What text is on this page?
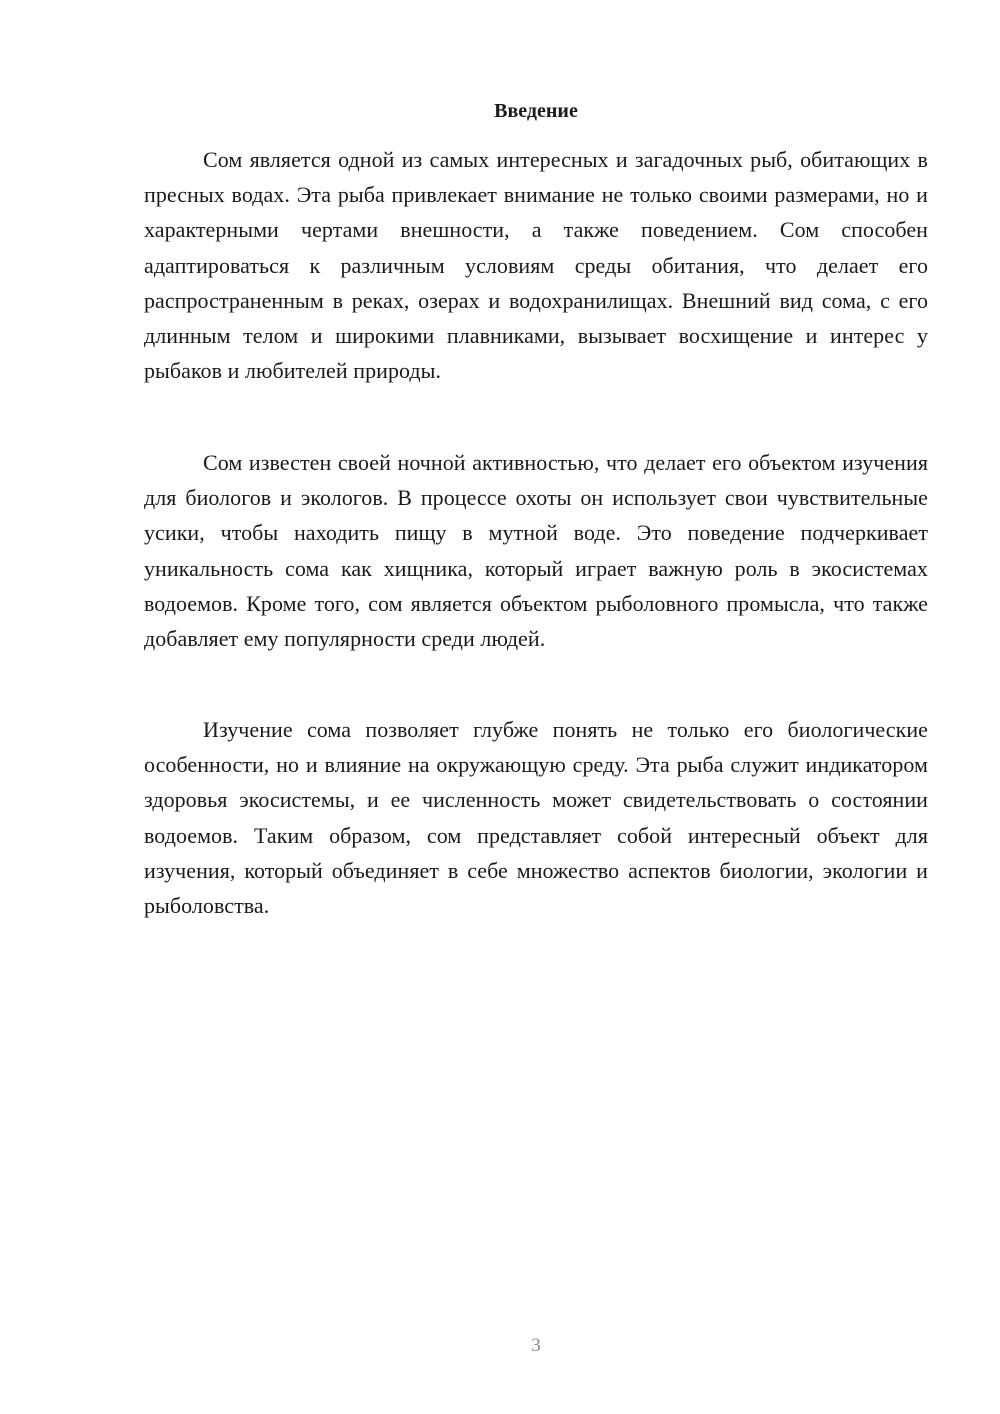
Введение

Сом является одной из самых интересных и загадочных рыб, обитающих в пресных водах. Эта рыба привлекает внимание не только своими размерами, но и характерными чертами внешности, а также поведением. Сом способен адаптироваться к различным условиям среды обитания, что делает его распространенным в реках, озерах и водохранилищах. Внешний вид сома, с его длинным телом и широкими плавниками, вызывает восхищение и интерес у рыбаков и любителей природы.

Сом известен своей ночной активностью, что делает его объектом изучения для биологов и экологов. В процессе охоты он использует свои чувствительные усики, чтобы находить пищу в мутной воде. Это поведение подчеркивает уникальность сома как хищника, который играет важную роль в экосистемах водоемов. Кроме того, сом является объектом рыболовного промысла, что также добавляет ему популярности среди людей.

Изучение сома позволяет глубже понять не только его биологические особенности, но и влияние на окружающую среду. Эта рыба служит индикатором здоровья экосистемы, и ее численность может свидетельствовать о состоянии водоемов. Таким образом, сом представляет собой интересный объект для изучения, который объединяет в себе множество аспектов биологии, экологии и рыболовства.

3
